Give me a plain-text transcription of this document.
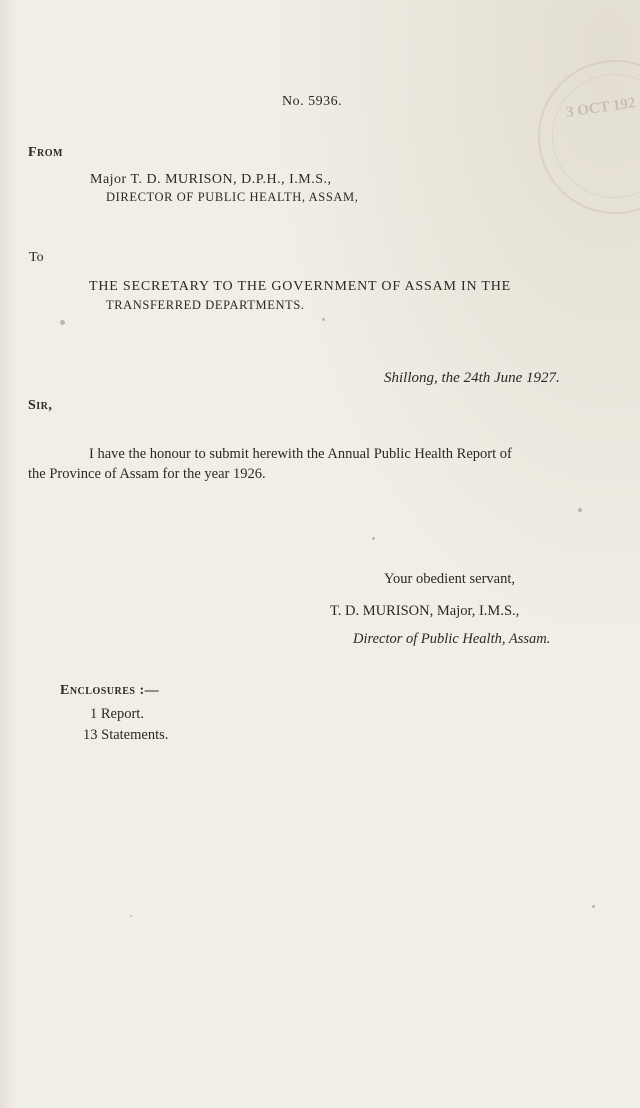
3 OCT 192
No. 5936.
From
Major T. D. MURISON, D.P.H., I.M.S.,
DIRECTOR OF PUBLIC HEALTH, ASSAM,
To
THE SECRETARY TO THE GOVERNMENT OF ASSAM IN THE
TRANSFERRED DEPARTMENTS.
Shillong, the 24th June 1927.
Sir,
I have the honour to submit herewith the Annual Public Health Report of
the Province of Assam for the year 1926.
Your obedient servant,
T. D. MURISON, Major, I.M.S.,
Director of Public Health, Assam.
Enclosures :—
1 Report.
13 Statements.
